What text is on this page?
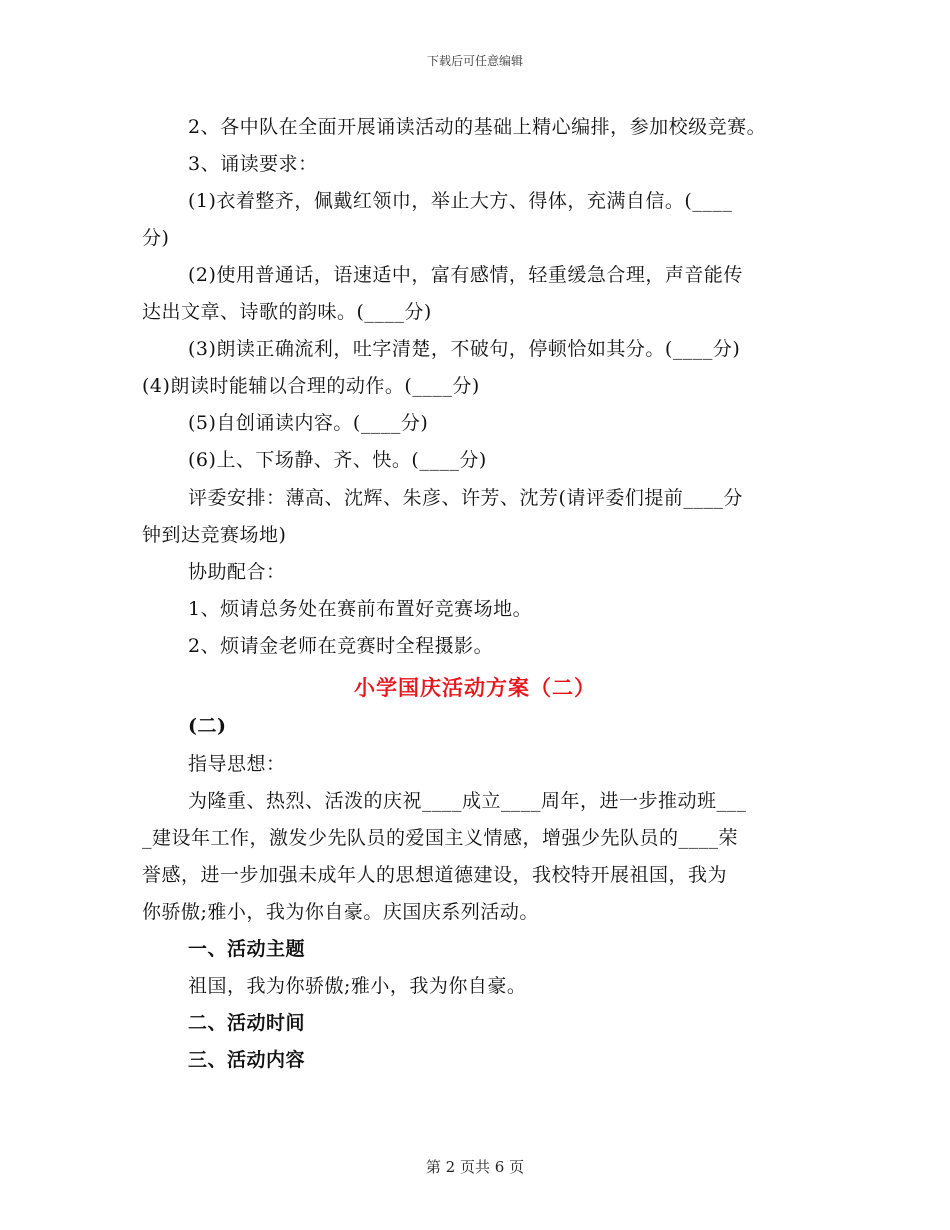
下载后可任意编辑
2、各中队在全面开展诵读活动的基础上精心编排，参加校级竞赛。
3、诵读要求：
(1)衣着整齐，佩戴红领巾，举止大方、得体，充满自信。(____
分)
(2)使用普通话，语速适中，富有感情，轻重缓急合理，声音能传
达出文章、诗歌的韵味。(____分)
(3)朗读正确流利，吐字清楚，不破句，停顿恰如其分。(____分)
(4)朗读时能辅以合理的动作。(____分)
(5)自创诵读内容。(____分)
(6)上、下场静、齐、快。(____分)
评委安排：薄高、沈辉、朱彦、许芳、沈芳(请评委们提前____分
钟到达竞赛场地)
协助配合：
1、烦请总务处在赛前布置好竞赛场地。
2、烦请金老师在竞赛时全程摄影。
小学国庆活动方案（二）
(二)
指导思想：
为隆重、热烈、活泼的庆祝____成立____周年，进一步推动班___
_建设年工作，激发少先队员的爱国主义情感，增强少先队员的____荣
誉感，进一步加强未成年人的思想道德建设，我校特开展祖国，我为
你骄傲;雅小，我为你自豪。庆国庆系列活动。
一、活动主题
祖国，我为你骄傲;雅小，我为你自豪。
二、活动时间
三、活动内容
第 2 页共 6 页
